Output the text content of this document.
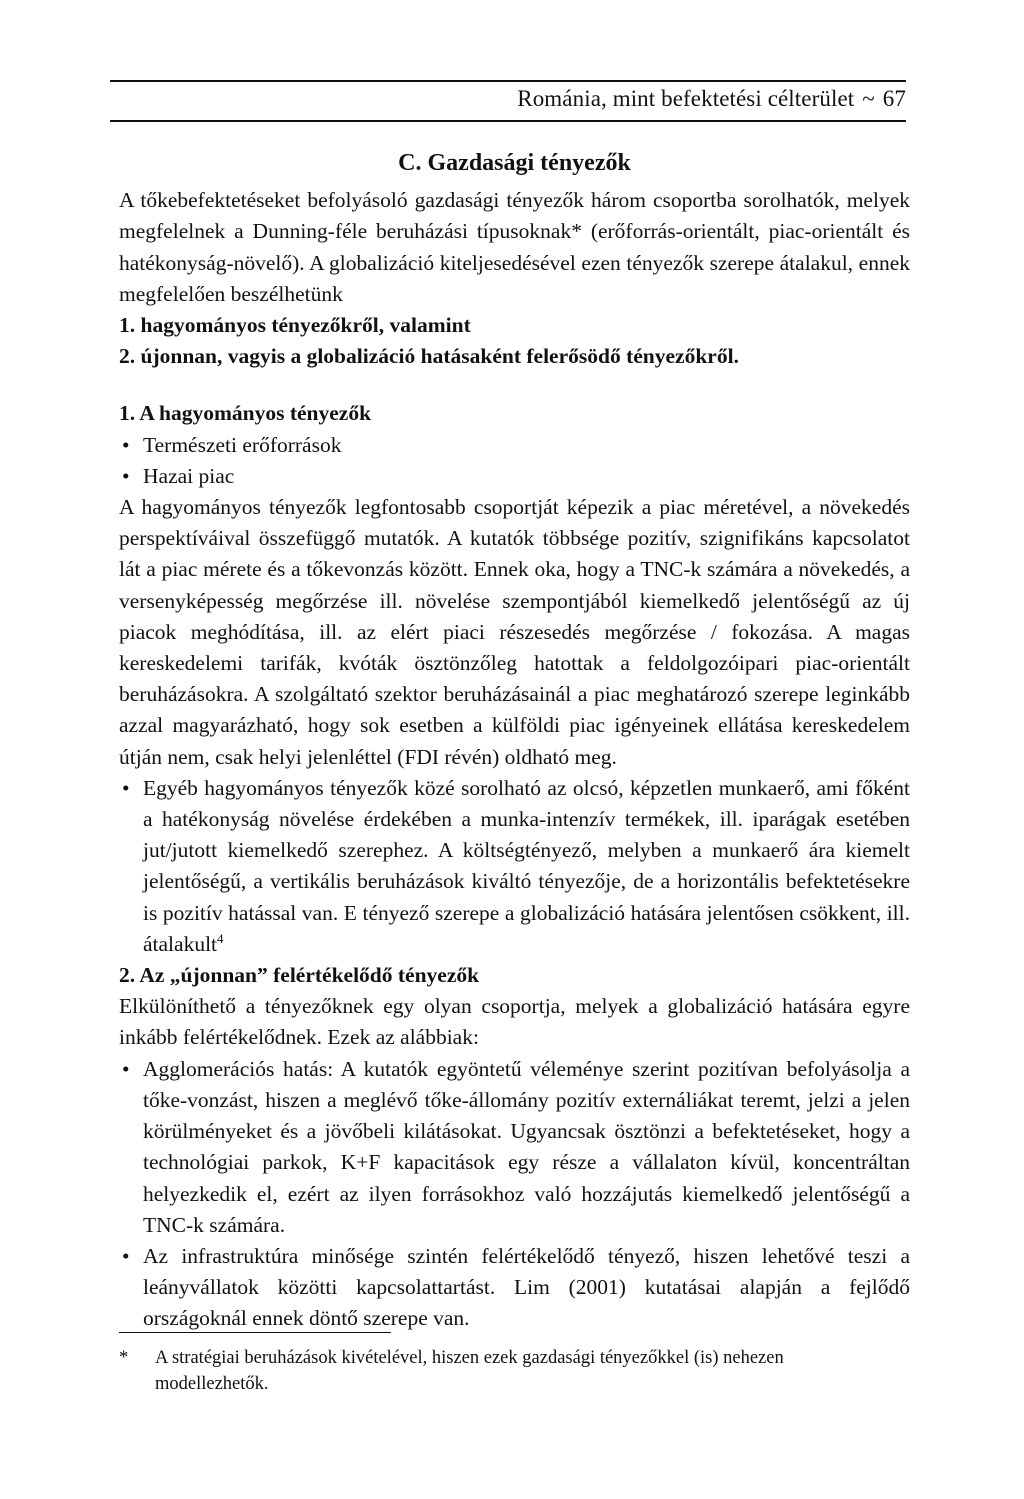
Románia, mint befektetési célterület ~ 67
C. Gazdasági tényezők

A tőkebefektetéseket befolyásoló gazdasági tényezők három csoportba sorolhatók, melyek megfelelnek a Dunning-féle beruházási típusoknak* (erőforrás-orientált, piac-orientált és hatékonyság-növelő). A globalizáció kiteljesedésével ezen tényezők szerepe átalakul, ennek megfelelően beszélhetünk

1. hagyományos tényezőkről, valamint

2. újonnan, vagyis a globalizáció hatásaként felerősödő tényezőkről.

1. A hagyományos tényezők
• Természeti erőforrások
• Hazai piac

A hagyományos tényezők legfontosabb csoportját képezik a piac méretével, a növekedés perspektíváival összefüggő mutatók. A kutatók többsége pozitív, szignifikáns kapcsolatot lát a piac mérete és a tőkevonzás között. Ennek oka, hogy a TNC-k számára a növekedés, a versenyképesség megőrzése ill. növelése szempontjából kiemelkedő jelentőségű az új piacok meghódítása, ill. az elért piaci részesedés megőrzése / fokozása. A magas kereskedelemi tarifák, kvóták ösztönzőleg hatottak a feldolgozóipari piac-orientált beruházásokra. A szolgáltató szektor beruházásainál a piac meghatározó szerepe leginkább azzal magyarázható, hogy sok esetben a külföldi piac igényeinek ellátása kereskedelem útján nem, csak helyi jelenléttel (FDI révén) oldható meg.

• Egyéb hagyományos tényezők közé sorolható az olcsó, képzetlen munkaerő, ami főként a hatékonyság növelése érdekében a munka-intenzív termékek, ill. iparágak esetében jut/jutott kiemelkedő szerephez. A költségtényező, melyben a munkaerő ára kiemelt jelentőségű, a vertikális beruházások kiváltó tényezője, de a horizontális befektetésekre is pozitív hatással van. E tényező szerepe a globalizáció hatására jelentősen csökkent, ill. átalakult$^4$
2. Az „újonnan” felértékelődő tényezők

Elkülöníthető a tényezőknek egy olyan csoportja, melyek a globalizáció hatására egyre inkább felértékelődnek. Ezek az alábbiak:

• Agglomerációs hatás: A kutatók egyöntetű véleménye szerint pozitívan befolyásolja a tőke-vonzást, hiszen a meglévő tőke-állomány pozitív externáliákat teremt, jelzi a jelen körülményeket és a jövőbeli kilátásokat. Ugyancsak ösztönzi a befektetéseket, hogy a technológiai parkok, K+F kapacitások egy része a vállalaton kívül, koncentráltan helyezkedik el, ezért az ilyen forrásokhoz való hozzájutás kiemelkedő jelentőségű a TNC-k számára.
• Az infrastruktúra minősége szintén felértékelődő tényező, hiszen lehetővé teszi a leányvállatok közötti kapcsolattartást. Lim (2001) kutatásai alapján a fejlődő országoknál ennek döntő szerepe van.
*	A stratégiai beruházások kivételével, hiszen ezek gazdasági tényezőkkel (is) nehezen modellezhetők.
